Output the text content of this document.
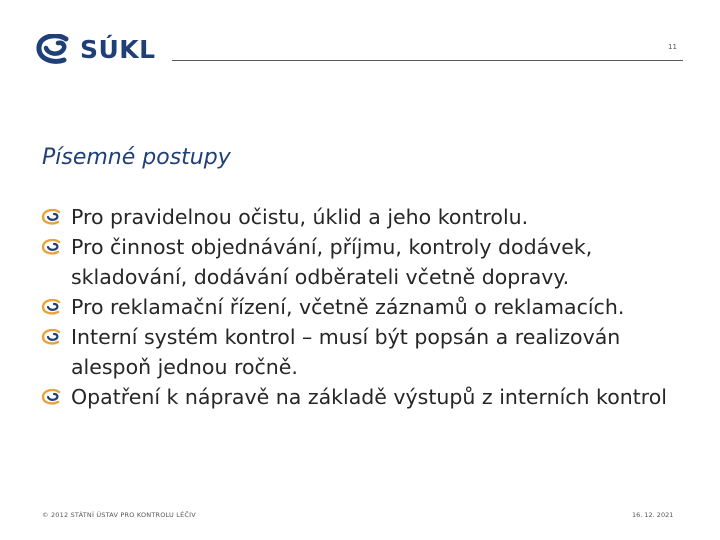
SÚKL	11
Písemné postupy
Pro pravidelnou očistu, úklid a jeho kontrolu.
Pro činnost objednávání, příjmu, kontroly dodávek, skladování, dodávání odběrateli včetně dopravy.
Pro reklamační řízení, včetně záznamů o reklamacích.
Interní systém kontrol – musí být popsán a realizován alespoň jednou ročně.
Opatření k nápravě na základě výstupů z interních kontrol
© 2012 STÁTNÍ ÚSTAV PRO KONTROLU LÉČIV	16. 12. 2021
